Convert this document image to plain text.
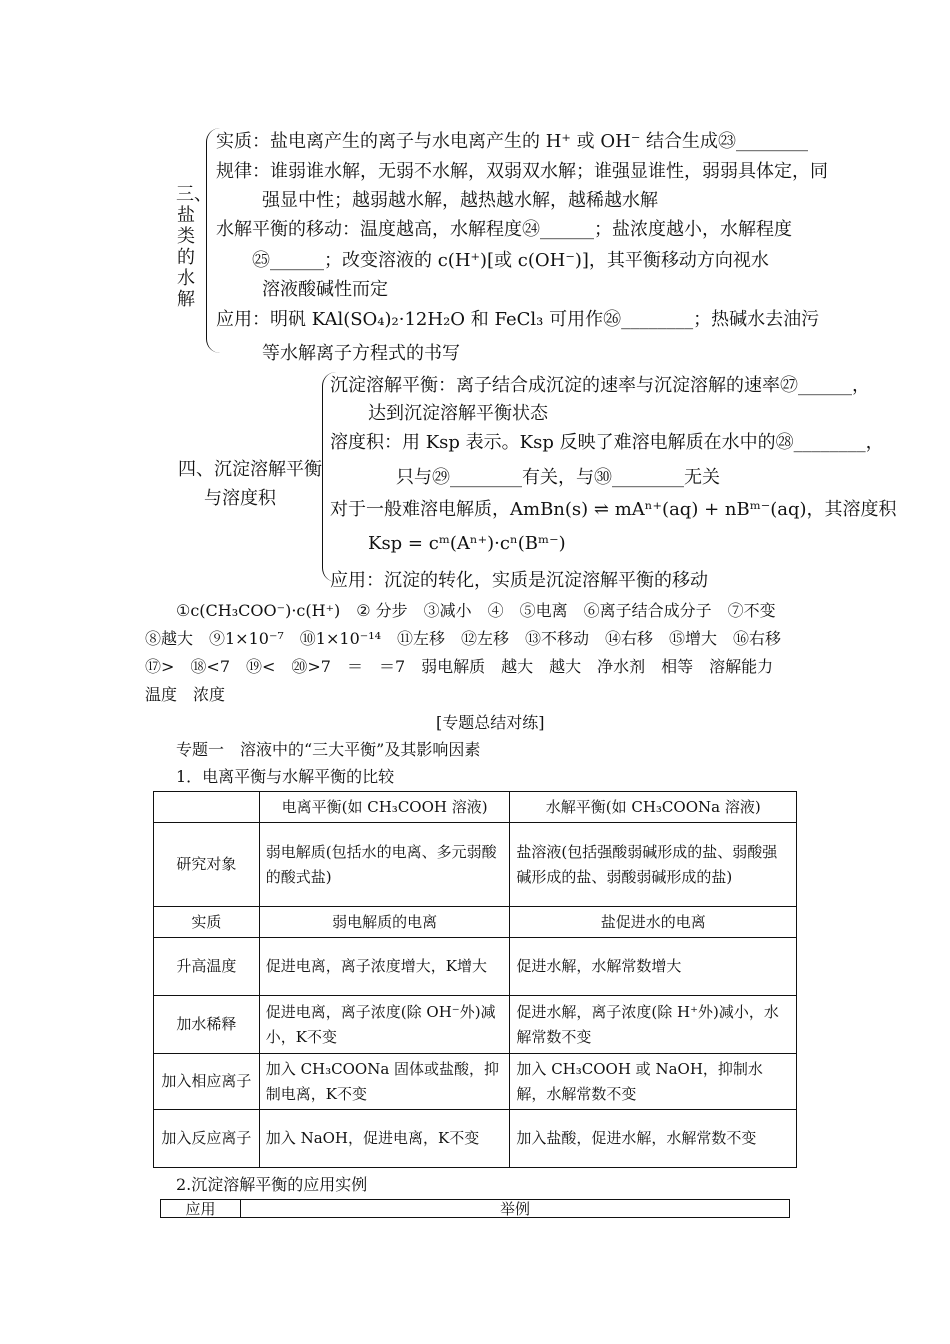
三、盐类的水解
实质：盐电离产生的离子与水电离产生的 H⁺ 或 OH⁻ 结合生成㉓________
规律：谁弱谁水解，无弱不水解，双弱双水解；谁强显谁性，弱弱具体定，同
强显中性；越弱越水解，越热越水解，越稀越水解
水解平衡的移动：温度越高，水解程度㉔______；盐浓度越小，水解程度
㉕______；改变溶液的 c(H⁺)[或 c(OH⁻)]，其平衡移动方向视水
溶液酸碱性而定
应用：明矾 KAl(SO₄)₂·12H₂O 和 FeCl₃ 可用作㉖________；热碱水去油污
等水解离子方程式的书写
四、沉淀溶解平衡
与溶度积
沉淀溶解平衡：离子结合成沉淀的速率与沉淀溶解的速率㉗______，
达到沉淀溶解平衡状态
溶度积：用 Ksp 表示。Ksp 反映了难溶电解质在水中的㉘________，
只与㉙________有关，与㉚________无关
对于一般难溶电解质，AmBn(s) ⇌ mAⁿ⁺(aq) + nBᵐ⁻(aq)，其溶度积
Ksp = cᵐ(Aⁿ⁺)·cⁿ(Bᵐ⁻)
应用：沉淀的转化，实质是沉淀溶解平衡的移动
①c(CH₃COO⁻)·c(H⁺)　② 分步　③减小　④　⑤电离　⑥离子结合成分子　⑦不变
⑧越大　⑨1×10⁻⁷　⑩1×10⁻¹⁴　⑪左移　⑫左移　⑬不移动　⑭右移　⑮增大　⑯右移
⑰>　⑱<7　⑲<　⑳>7　＝　＝7　弱电解质　越大　越大　净水剂　相等　溶解能力
温度　浓度
[专题总结对练]
专题一　溶液中的“三大平衡”及其影响因素
1．电离平衡与水解平衡的比较
	电离平衡(如 CH₃COOH 溶液)	水解平衡(如 CH₃COONa 溶液)
研究对象	弱电解质(包括水的电离、多元弱酸的酸式盐)	盐溶液(包括强酸弱碱形成的盐、弱酸强碱形成的盐、弱酸弱碱形成的盐)
实质	弱电解质的电离	盐促进水的电离
升高温度	促进电离，离子浓度增大，K增大	促进水解，水解常数增大
加水稀释	促进电离，离子浓度(除 OH⁻外)减小，K不变	促进水解，离子浓度(除 H⁺外)减小，水解常数不变
加入相应离子	加入 CH₃COONa 固体或盐酸，抑制电离，K不变	加入 CH₃COOH 或 NaOH，抑制水解，水解常数不变
加入反应离子	加入 NaOH，促进电离，K不变	加入盐酸，促进水解，水解常数不变
2.沉淀溶解平衡的应用实例
应用	举例
